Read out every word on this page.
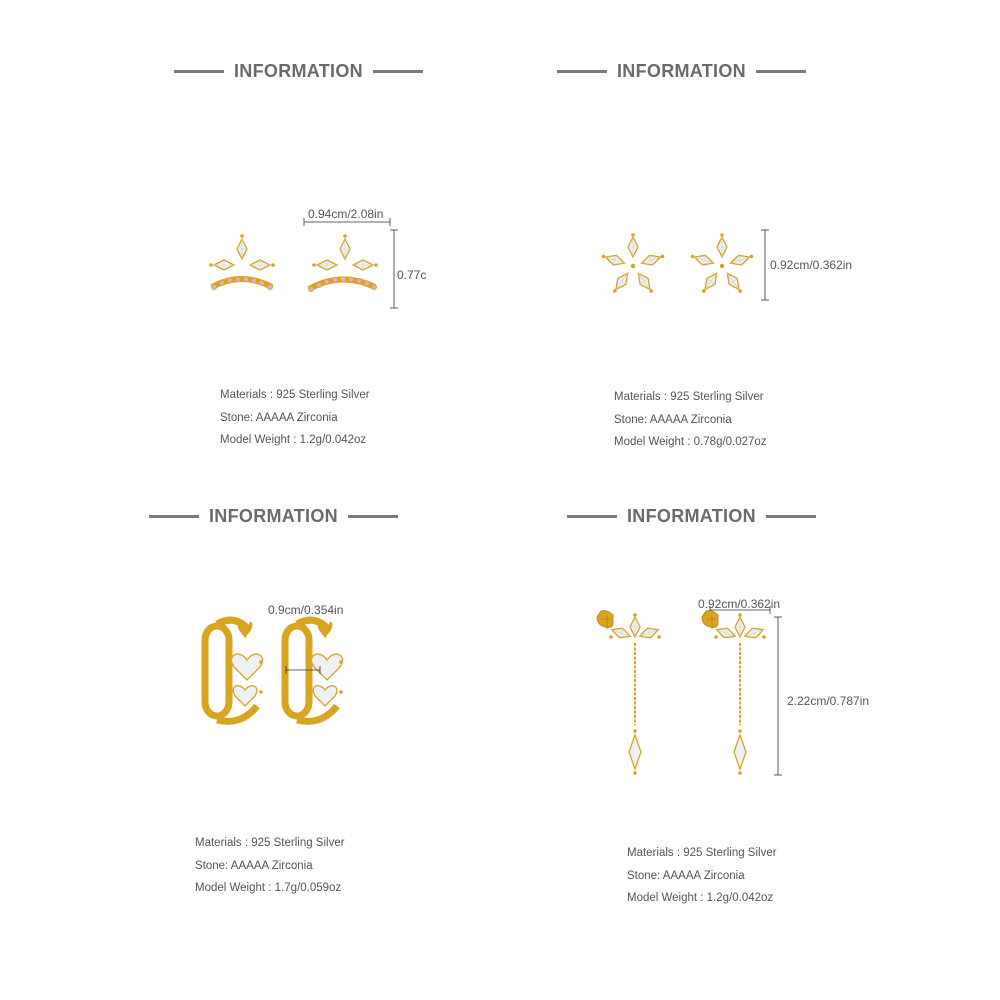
INFORMATION
0.94cm/2.08in
0.77c
Materials : 925 Sterling Silver
Stone: AAAAA Zirconia
Model Weight : 1.2g/0.042oz
INFORMATION
0.92cm/0.362in
Materials : 925 Sterling Silver
Stone: AAAAA Zirconia
Model Weight : 0.78g/0.027oz
INFORMATION
0.9cm/0.354in
Materials : 925 Sterling Silver
Stone: AAAAA Zirconia
Model Weight : 1.7g/0.059oz
INFORMATION
0.92cm/0.362in
2.22cm/0.787in
Materials : 925 Sterling Silver
Stone: AAAAA Zirconia
Model Weight : 1.2g/0.042oz
